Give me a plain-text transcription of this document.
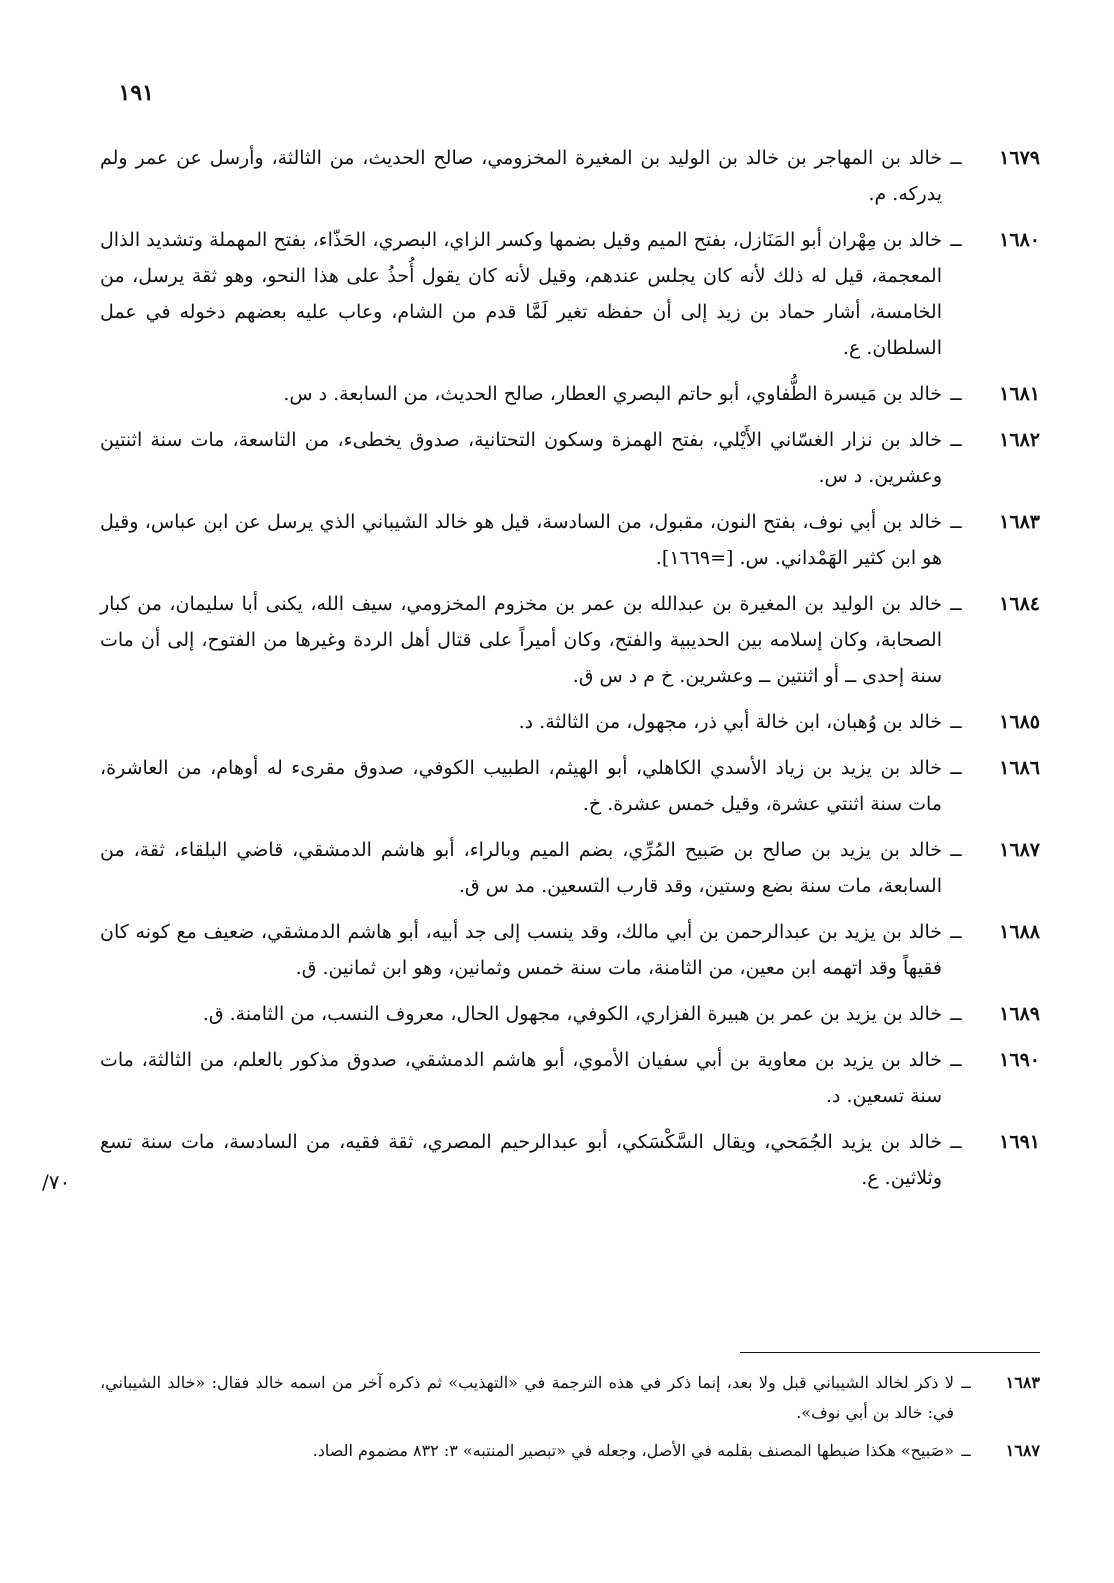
١٩١
/٧٠
١٦٧٩
ــ
خالد بن المهاجر بن خالد بن الوليد بن المغيرة المخزومي، صالح الحديث، من الثالثة، وأرسل عن عمر ولم يدركه. م.
١٦٨٠
ــ
خالد بن مِهْران أبو المَنَازل، بفتح الميم وقيل بضمها وكسر الزاي، البصري، الحَذّاء، بفتح المهملة وتشديد الذال المعجمة، قيل له ذلك لأنه كان يجلس عندهم، وقيل لأنه كان يقول أُحذُ على هذا النحو، وهو ثقة يرسل، من الخامسة، أشار حماد بن زيد إلى أن حفظه تغير لَمَّا قدم من الشام، وعاب عليه بعضهم دخوله في عمل السلطان. ع.
١٦٨١
ــ
خالد بن مَيسرة الطُّفاوي، أبو حاتم البصري العطار، صالح الحديث، من السابعة. د س.
١٦٨٢
ــ
خالد بن نزار الغسّاني الأَيْلي، بفتح الهمزة وسكون التحتانية، صدوق يخطىء، من التاسعة، مات سنة اثنتين وعشرين. د س.
١٦٨٣
ــ
خالد بن أبي نوف، بفتح النون، مقبول، من السادسة، قيل هو خالد الشيباني الذي يرسل عن ابن عباس، وقيل هو ابن كثير الهَمْداني. س. [=١٦٦٩].
١٦٨٤
ــ
خالد بن الوليد بن المغيرة بن عبدالله بن عمر بن مخزوم المخزومي، سيف الله، يكنى أبا سليمان، من كبار الصحابة، وكان إسلامه بين الحديبية والفتح، وكان أميراً على قتال أهل الردة وغيرها من الفتوح، إلى أن مات سنة إحدى ــ أو اثنتين ــ وعشرين. خ م د س ق.
١٦٨٥
ــ
خالد بن وُهبان، ابن خالة أبي ذر، مجهول، من الثالثة. د.
١٦٨٦
ــ
خالد بن يزيد بن زياد الأسدي الكاهلي، أبو الهيثم، الطبيب الكوفي، صدوق مقرىء له أوهام، من العاشرة، مات سنة اثنتي عشرة، وقيل خمس عشرة. خ.
١٦٨٧
ــ
خالد بن يزيد بن صالح بن صَبيح المُرِّي، بضم الميم وبالراء، أبو هاشم الدمشقي، قاضي البلقاء، ثقة، من السابعة، مات سنة بضع وستين، وقد قارب التسعين. مد س ق.
١٦٨٨
ــ
خالد بن يزيد بن عبدالرحمن بن أبي مالك، وقد ينسب إلى جد أبيه، أبو هاشم الدمشقي، ضعيف مع كونه كان فقيهاً وقد اتهمه ابن معين، من الثامنة، مات سنة خمس وثمانين، وهو ابن ثمانين. ق.
١٦٨٩
ــ
خالد بن يزيد بن عمر بن هبيرة الفزاري، الكوفي، مجهول الحال، معروف النسب، من الثامنة. ق.
١٦٩٠
ــ
خالد بن يزيد بن معاوية بن أبي سفيان الأموي، أبو هاشم الدمشقي، صدوق مذكور بالعلم، من الثالثة، مات سنة تسعين. د.
١٦٩١
ــ
خالد بن يزيد الجُمَحي، ويقال السَّكْسَكي، أبو عبدالرحيم المصري، ثقة فقيه، من السادسة، مات سنة تسع وثلاثين. ع.
١٦٨٣
ــ
لا ذكر لخالد الشيباني قبل ولا بعد، إنما ذكر في هذه الترجمة في «التهذيب» ثم ذكره آخر من اسمه خالد فقال: «خالد الشيباني، في: خالد بن أبي نوف».
١٦٨٧
ــ
«صَبيح» هكذا ضبطها المصنف بقلمه في الأصل، وجعله في «تبصير المنتبه» ٣: ٨٣٢ مضموم الصاد.
